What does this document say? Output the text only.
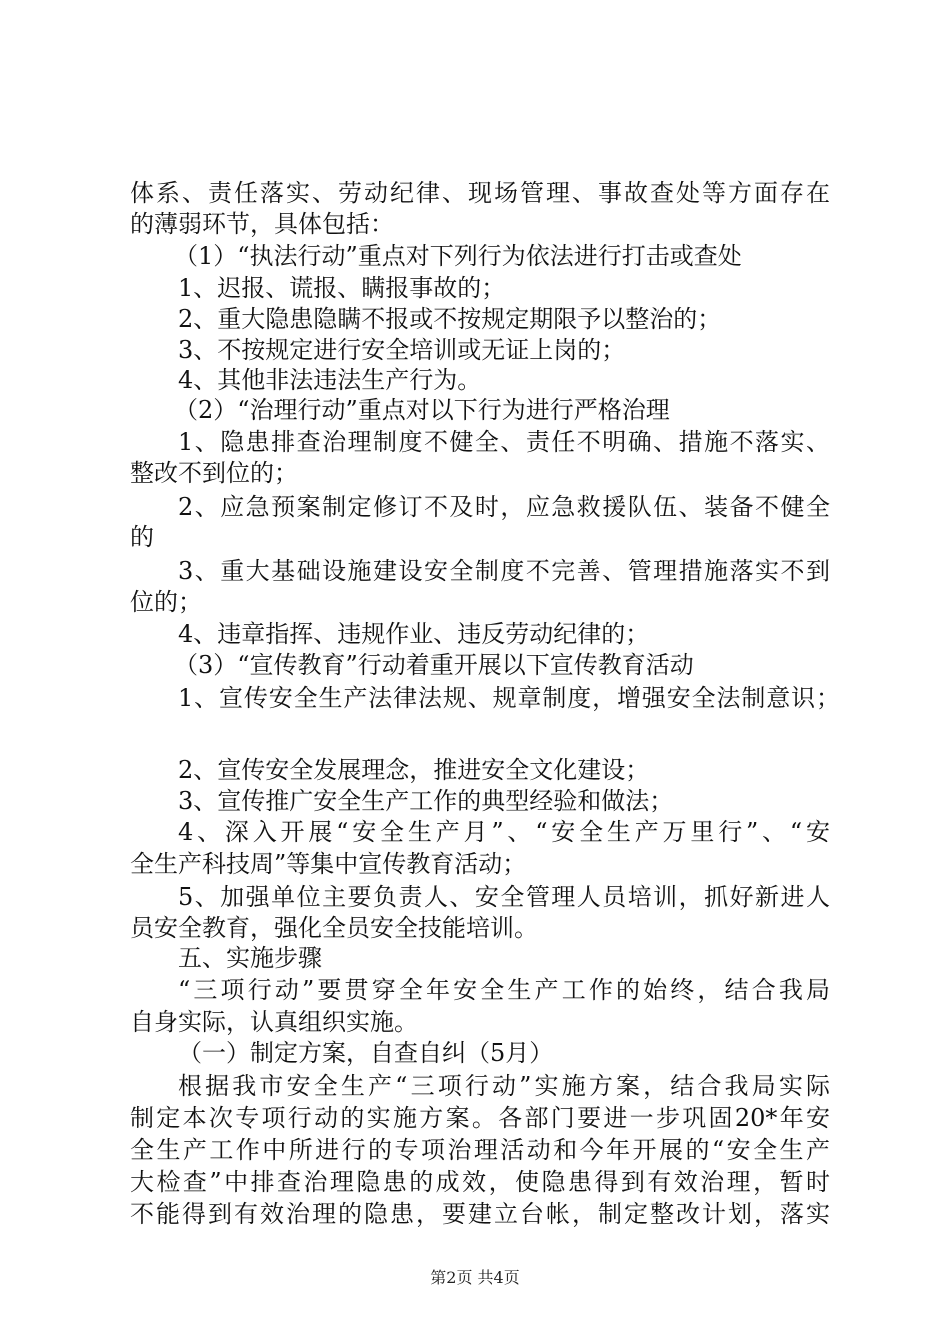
体系、责任落实、劳动纪律、现场管理、事故查处等方面存在
的薄弱环节，具体包括：
（1）“执法行动”重点对下列行为依法进行打击或查处
1、迟报、谎报、瞒报事故的；
2、重大隐患隐瞒不报或不按规定期限予以整治的；
3、不按规定进行安全培训或无证上岗的；
4、其他非法违法生产行为。
（2）“治理行动”重点对以下行为进行严格治理
1、隐患排查治理制度不健全、责任不明确、措施不落实、
整改不到位的；
2、应急预案制定修订不及时，应急救援队伍、装备不健全
的
3、重大基础设施建设安全制度不完善、管理措施落实不到
位的；
4、违章指挥、违规作业、违反劳动纪律的；
（3）“宣传教育”行动着重开展以下宣传教育活动
1、宣传安全生产法律法规、规章制度，增强安全法制意识；
2、宣传安全发展理念，推进安全文化建设；
3、宣传推广安全生产工作的典型经验和做法；
4、深入开展“安全生产月”、“安全生产万里行”、“安
全生产科技周”等集中宣传教育活动；
5、加强单位主要负责人、安全管理人员培训，抓好新进人
员安全教育，强化全员安全技能培训。
五、实施步骤
“三项行动”要贯穿全年安全生产工作的始终，结合我局
自身实际，认真组织实施。
（一）制定方案，自查自纠（5月）
根据我市安全生产“三项行动”实施方案，结合我局实际
制定本次专项行动的实施方案。各部门要进一步巩固20*年安
全生产工作中所进行的专项治理活动和今年开展的“安全生产
大检查”中排查治理隐患的成效，使隐患得到有效治理，暂时
不能得到有效治理的隐患，要建立台帐，制定整改计划，落实
第2页 共4页
